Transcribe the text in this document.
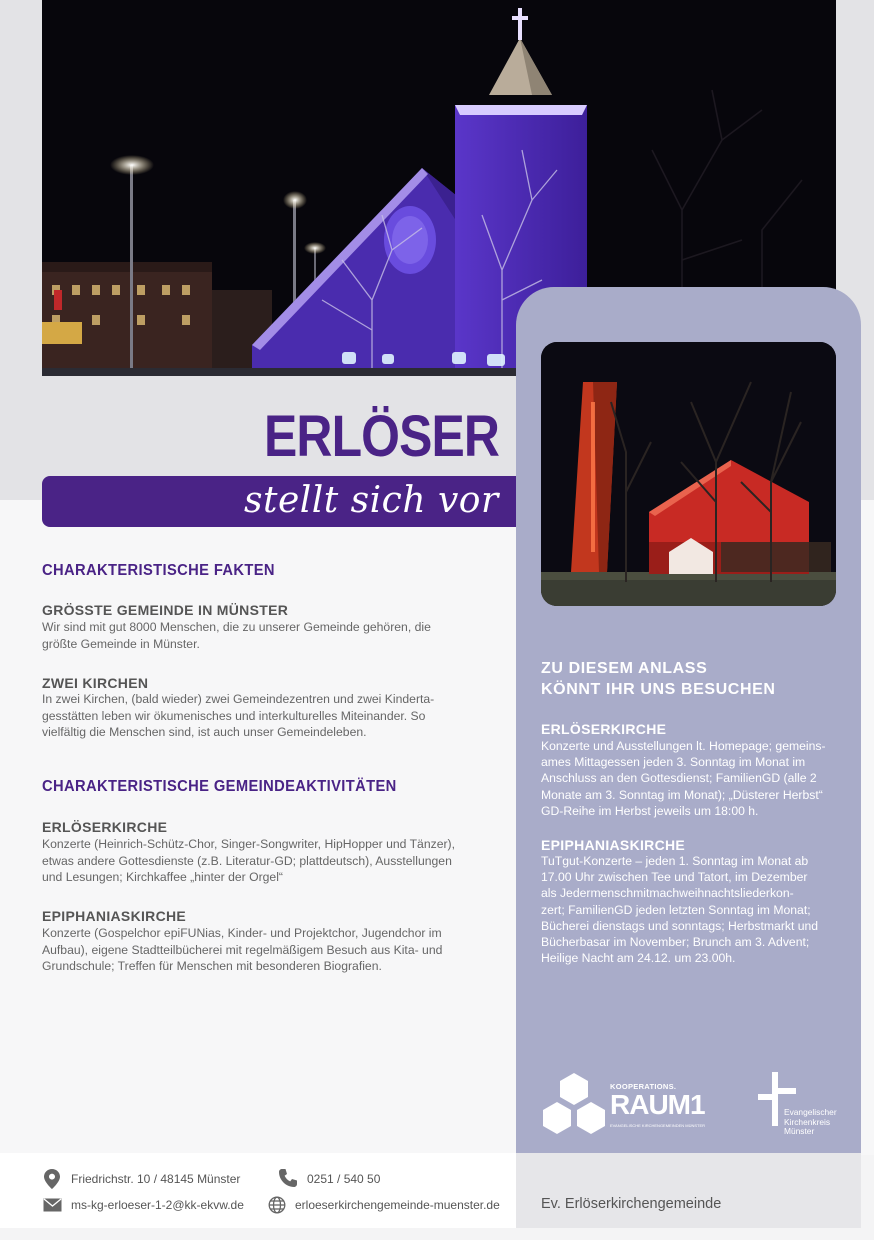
ERLÖSER
stellt sich vor
CHARAKTERISTISCHE FAKTEN
GRÖSSTE GEMEINDE IN MÜNSTER
Wir sind mit gut 8000 Menschen, die zu unserer Gemeinde gehören, die
größte Gemeinde in Münster.
ZWEI KIRCHEN
In zwei Kirchen, (bald wieder) zwei Gemeindezentren und zwei Kinderta-
gesstätten leben wir ökumenisches und interkulturelles Miteinander. So
vielfältig die Menschen sind, ist auch unser Gemeindeleben.
CHARAKTERISTISCHE GEMEINDEAKTIVITÄTEN
ERLÖSERKIRCHE
Konzerte (Heinrich-Schütz-Chor, Singer-Songwriter, HipHopper und Tänzer),
etwas andere Gottesdienste (z.B. Literatur-GD; plattdeutsch), Ausstellungen
und Lesungen; Kirchkaffee „hinter der Orgel“
EPIPHANIASKIRCHE
Konzerte (Gospelchor epiFUNias, Kinder- und Projektchor, Jugendchor im
Aufbau), eigene Stadtteilbücherei mit regelmäßigem Besuch aus Kita- und
Grundschule; Treffen für Menschen mit besonderen Biografien.
ZU DIESEM ANLASS
KÖNNT IHR UNS BESUCHEN
ERLÖSERKIRCHE
Konzerte und Ausstellungen lt. Homepage; gemeins-
ames Mittagessen jeden 3. Sonntag im Monat im
Anschluss an den Gottesdienst; FamilienGD (alle 2
Monate am 3. Sonntag im Monat); „Düsterer Herbst“
GD-Reihe im Herbst jeweils um 18:00 h.
EPIPHANIASKIRCHE
TuTgut-Konzerte – jeden 1. Sonntag im Monat ab
17.00 Uhr zwischen Tee und Tatort, im Dezember
als Jedermenschmitmachweihnachtsliederkon-
zert; FamilienGD jeden letzten Sonntag im Monat;
Bücherei dienstags und sonntags; Herbstmarkt und
Bücherbasar im November; Brunch am 3. Advent;
Heilige Nacht am 24.12. um 23.00h.
KOOPERATIONS.
RAUM1
EVANGELISCHE KIRCHENGEMEINDEN MÜNSTER
Evangelischer
Kirchenkreis
Münster
Friedrichstr. 10 / 48145 Münster	0251 / 540 50
ms-kg-erloeser-1-2@kk-ekvw.de	erloeserkirchengemeinde-muenster.de	Ev. Erlöserkirchengemeinde
